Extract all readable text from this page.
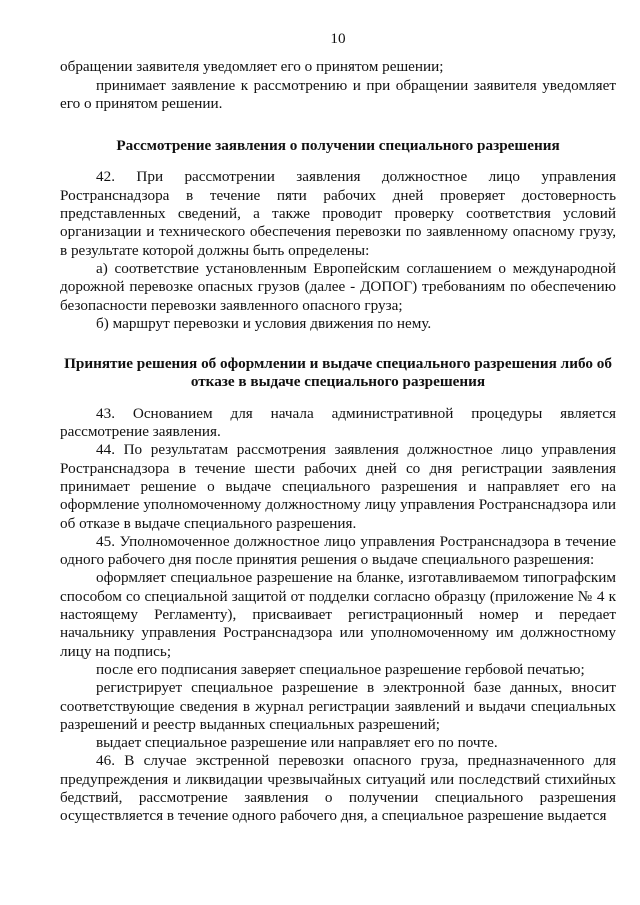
10

обращении заявителя уведомляет его о принятом решении;

принимает заявление к рассмотрению и при обращении заявителя уведомляет его о принятом решении.

Рассмотрение заявления о получении специального разрешения

42. При рассмотрении заявления должностное лицо управления Ространснадзора в течение пяти рабочих дней проверяет достоверность представленных сведений, а также проводит проверку соответствия условий организации и технического обеспечения перевозки по заявленному опасному грузу, в результате которой должны быть определены:

а) соответствие установленным Европейским соглашением о международной дорожной перевозке опасных грузов (далее - ДОПОГ) требованиям по обеспечению безопасности перевозки заявленного опасного груза;

б) маршрут перевозки и условия движения по нему.

Принятие решения об оформлении и выдаче специального разрешения либо об отказе в выдаче специального разрешения

43. Основанием для начала административной процедуры является рассмотрение заявления.

44. По результатам рассмотрения заявления должностное лицо управления Ространснадзора в течение шести рабочих дней со дня регистрации заявления принимает решение о выдаче специального разрешения и направляет его на оформление уполномоченному должностному лицу управления Ространснадзора или об отказе в выдаче специального разрешения.

45. Уполномоченное должностное лицо управления Ространснадзора в течение одного рабочего дня после принятия решения о выдаче специального разрешения:

оформляет специальное разрешение на бланке, изготавливаемом типографским способом со специальной защитой от подделки согласно образцу (приложение № 4 к настоящему Регламенту), присваивает регистрационный номер и передает начальнику управления Ространснадзора или уполномоченному им должностному лицу на подпись;

после его подписания заверяет специальное разрешение гербовой печатью;

регистрирует специальное разрешение в электронной базе данных, вносит соответствующие сведения в журнал регистрации заявлений и выдачи специальных разрешений и реестр выданных специальных разрешений;

выдает специальное разрешение или направляет его по почте.

46. В случае экстренной перевозки опасного груза, предназначенного для предупреждения и ликвидации чрезвычайных ситуаций или последствий стихийных бедствий, рассмотрение заявления о получении специального разрешения осуществляется в течение одного рабочего дня, а специальное разрешение выдается
